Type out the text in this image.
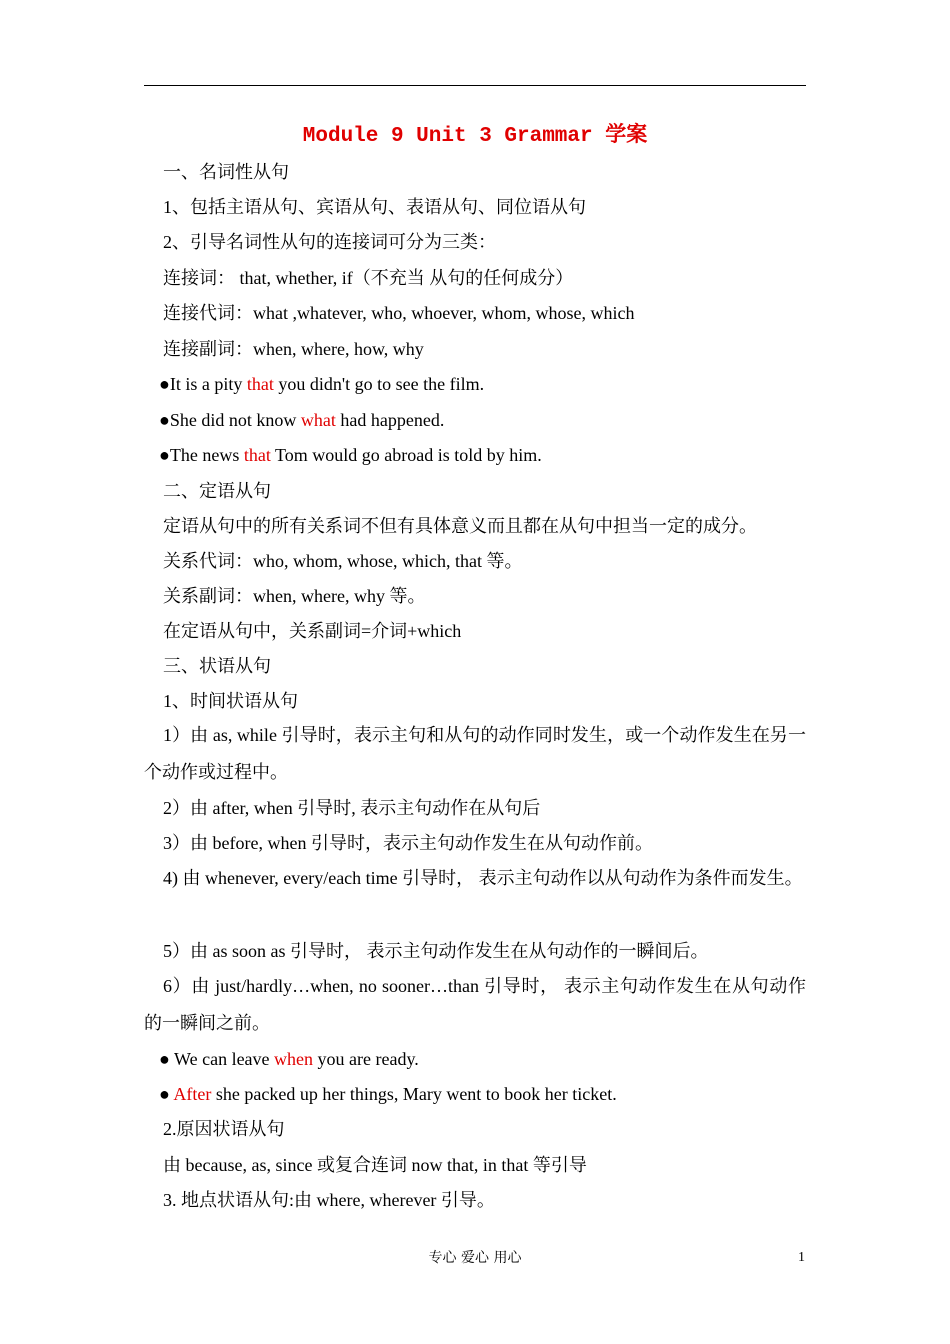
Module 9 Unit 3 Grammar 学案
一、名词性从句
1、包括主语从句、宾语从句、表语从句、同位语从句
2、引导名词性从句的连接词可分为三类：
连接词： that, whether, if（不充当 从句的任何成分）
连接代词：what ,whatever, who, whoever, whom, whose, which
连接副词：when, where, how, why
●It is a pity that you didn't go to see the film.
●She did not know what had happened.
●The news that Tom would go abroad is told by him.
二、定语从句
定语从句中的所有关系词不但有具体意义而且都在从句中担当一定的成分。
关系代词：who, whom, whose, which, that 等。
关系副词：when, where, why 等。
在定语从句中，关系副词=介词+which
三、状语从句
1、时间状语从句
1）由 as, while 引导时，表示主句和从句的动作同时发生，或一个动作发生在另一个动作或过程中。
2）由 after, when 引导时, 表示主句动作在从句后
3）由 before, when 引导时，表示主句动作发生在从句动作前。
4) 由 whenever, every/each time 引导时， 表示主句动作以从句动作为条件而发生。
5）由 as soon as 引导时， 表示主句动作发生在从句动作的一瞬间后。
6）由 just/hardly…when, no sooner…than 引导时， 表示主句动作发生在从句动作的一瞬间之前。
● We can leave when you are ready.
● After she packed up her things, Mary went to book her ticket.
2.原因状语从句
由 because, as, since 或复合连词 now that, in that 等引导
3. 地点状语从句:由 where, wherever 引导。
专心 爱心 用心	1
